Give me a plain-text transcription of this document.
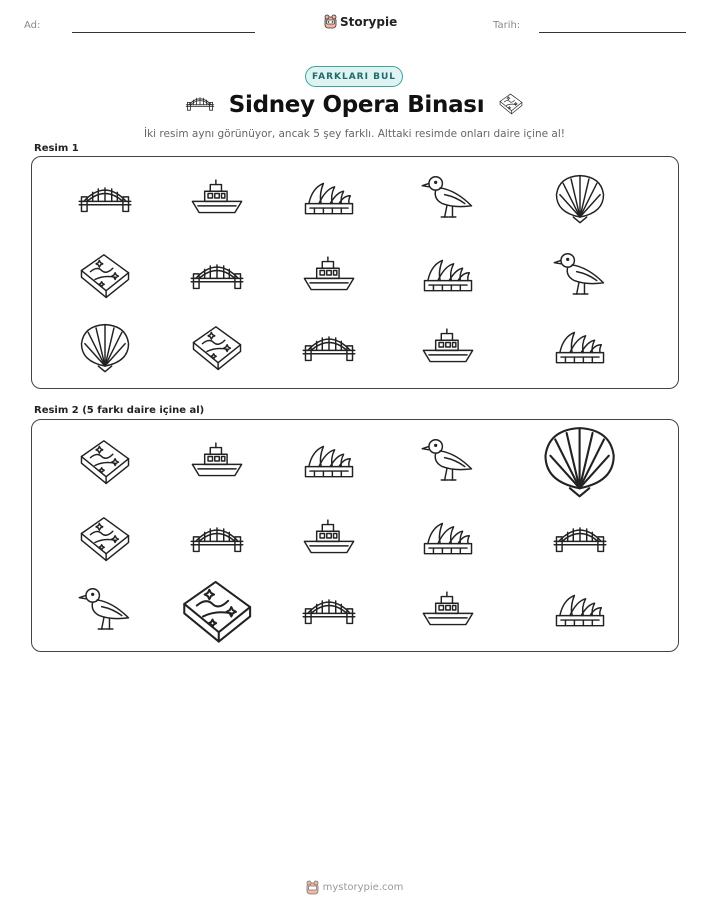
Ad:	Storypie	Tarih:
FARKLARI BUL
Sidney Opera Binası
İki resim aynı görünüyor, ancak 5 şey farklı. Alttaki resimde onları daire içine al!
Resim 1
Resim 2 (5 farkı daire içine al)
mystorypie.com
